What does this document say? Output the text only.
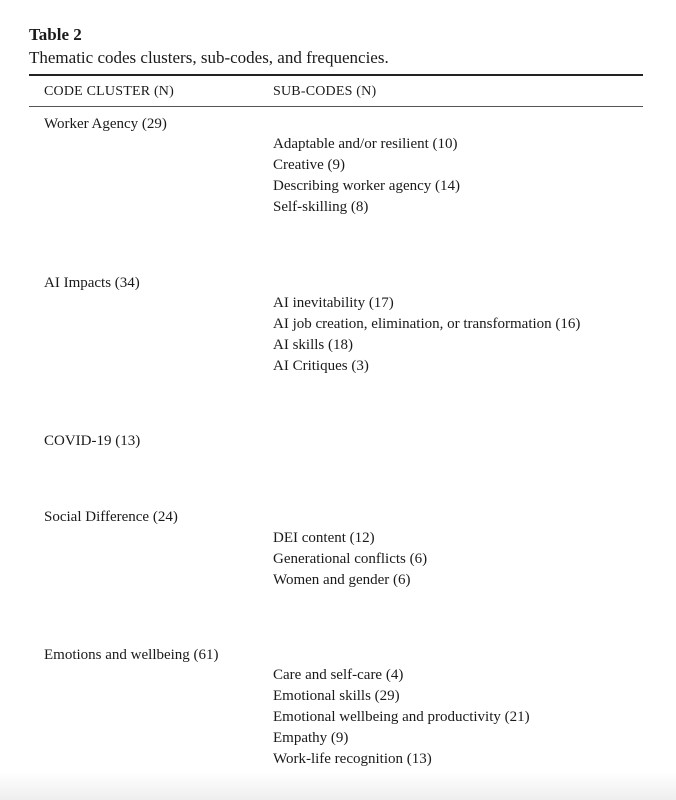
Table 2
Thematic codes clusters, sub-codes, and frequencies.
CODE CLUSTER (N)	SUB-CODES (N)
Worker Agency (29)
Adaptable and/or resilient (10)
Creative (9)
Describing worker agency (14)
Self-skilling (8)
AI Impacts (34)
AI inevitability (17)
AI job creation, elimination, or transformation (16)
AI skills (18)
AI Critiques (3)
COVID-19 (13)
Social Difference (24)
DEI content (12)
Generational conflicts (6)
Women and gender (6)
Emotions and wellbeing (61)
Care and self-care (4)
Emotional skills (29)
Emotional wellbeing and productivity (21)
Empathy (9)
Work-life recognition (13)
